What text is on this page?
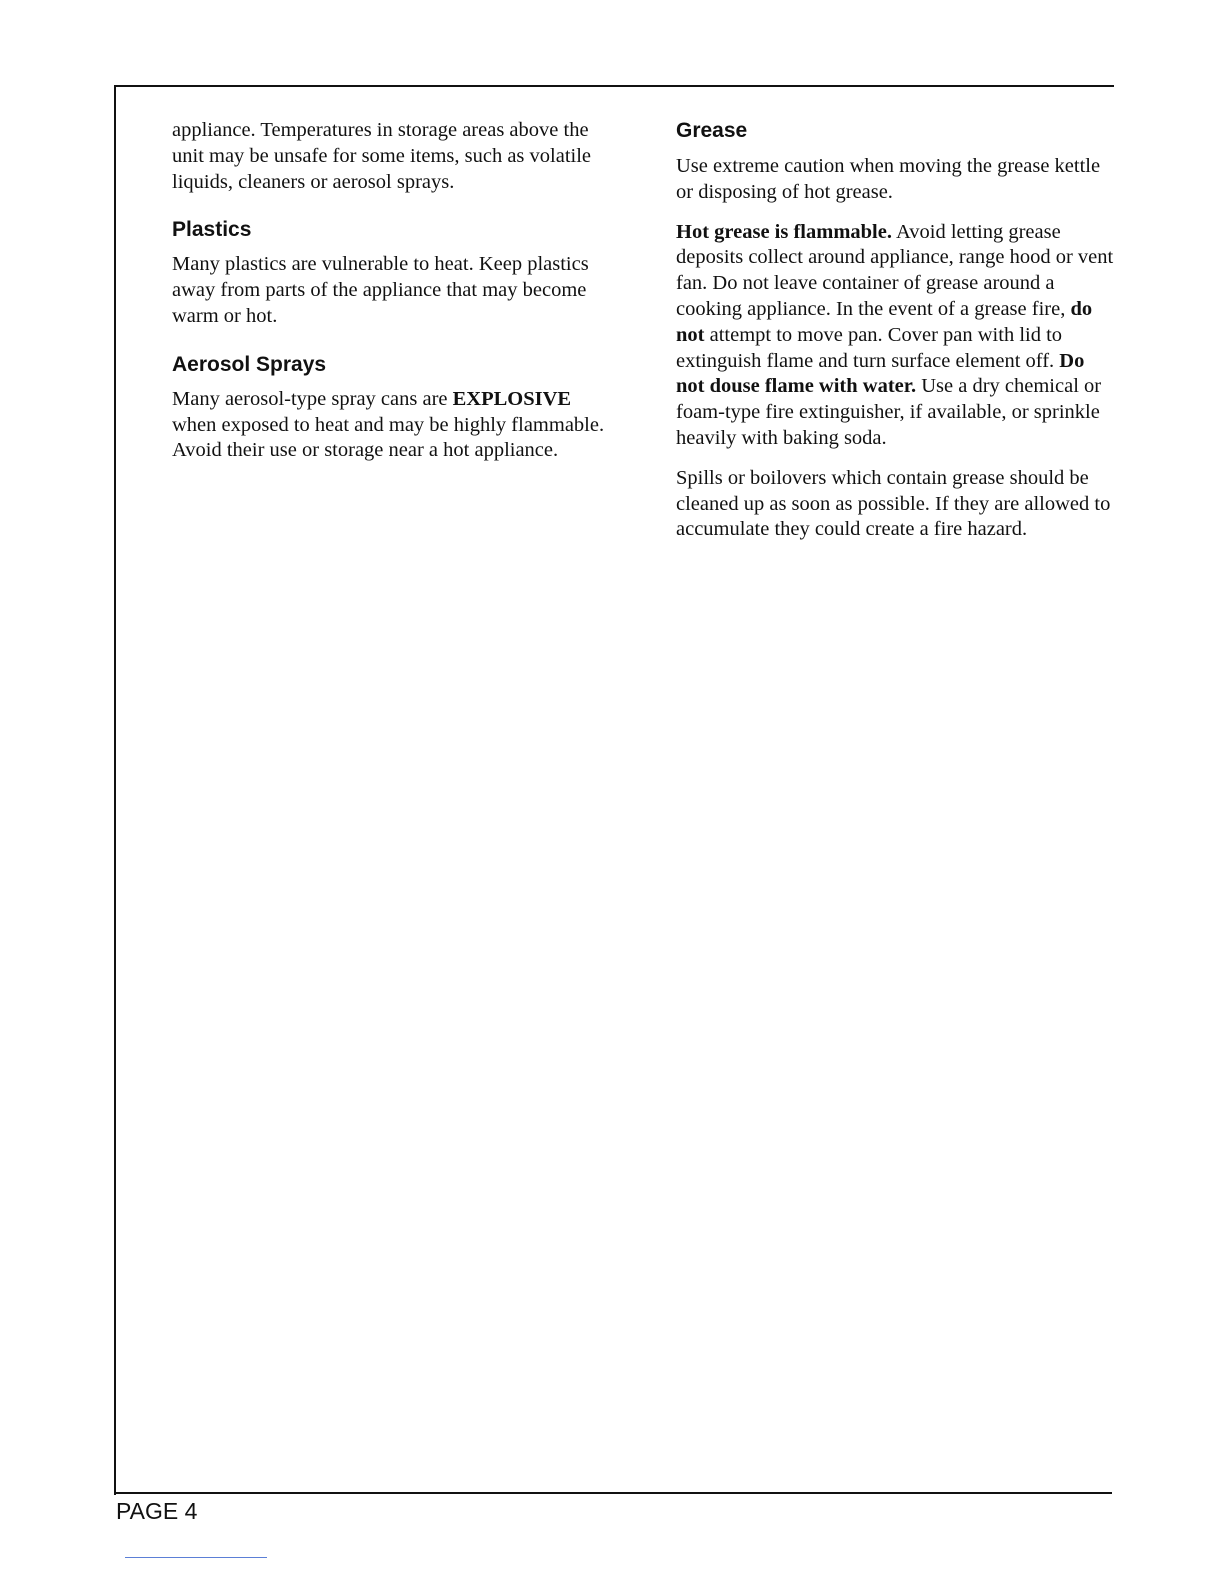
appliance. Temperatures in storage areas above the unit may be unsafe for some items, such as volatile liquids, cleaners or aerosol sprays.

Plastics

Many plastics are vulnerable to heat. Keep plastics away from parts of the appliance that may become warm or hot.

Aerosol Sprays

Many aerosol-type spray cans are EXPLOSIVE when exposed to heat and may be highly flammable. Avoid their use or storage near a hot appliance.

Grease

Use extreme caution when moving the grease kettle or disposing of hot grease.

Hot grease is flammable. Avoid letting grease deposits collect around appliance, range hood or vent fan. Do not leave container of grease around a cooking appliance. In the event of a grease fire, do not attempt to move pan. Cover pan with lid to extinguish flame and turn surface element off. Do not douse flame with water. Use a dry chemical or foam-type fire extinguisher, if available, or sprinkle heavily with baking soda.

Spills or boilovers which contain grease should be cleaned up as soon as possible. If they are allowed to accumulate they could create a fire hazard.

PAGE 4
